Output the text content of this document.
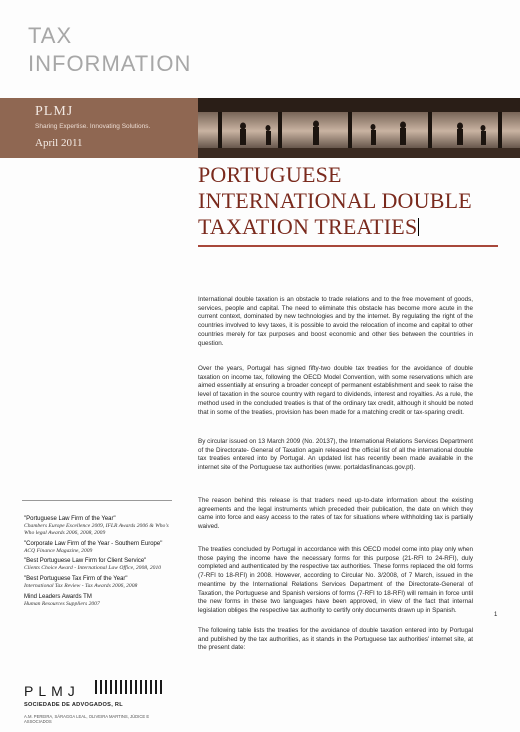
TAX
INFORMATION
PLMJ
Sharing Expertise. Innovating Solutions.
April 2011
PORTUGUESE
INTERNATIONAL DOUBLE
TAXATION TREATIES

International double taxation is an obstacle to trade relations and to the free movement of goods, services, people and capital. The need to eliminate this obstacle has become more acute in the current context, dominated by new technologies and by the internet. By regulating the right of the countries involved to levy taxes, it is possible to avoid the relocation of income and capital to other countries merely for tax purposes and boost economic and other ties between the countries in question.

Over the years, Portugal has signed fifty-two double tax treaties for the avoidance of double taxation on income tax, following the OECD Model Convention, with some reservations which are aimed essentially at ensuring a broader concept of permanent establishment and seek to raise the level of taxation in the source country with regard to dividends, interest and royalties. As a rule, the method used in the concluded treaties is that of the ordinary tax credit, although it should be noted that in some of the treaties, provision has been made for a matching credit or tax-sparing credit.

By circular issued on 13 March 2009 (No. 20137), the International Relations Services Department of the Directorate- General of Taxation again released the official list of all the international double tax treaties entered into by Portugal. An updated list has recently been made available in the internet site of the Portuguese tax authorities (www. portaldasfinancas.gov.pt).

The reason behind this release is that traders need up-to-date information about the existing agreements and the legal instruments which preceded their publication, the date on which they came into force and easy access to the rates of tax for situations where withholding tax is partially waived.

The treaties concluded by Portugal in accordance with this OECD model come into play only when those paying the income have the necessary forms for this purpose (21-RFI to 24-RFI), duly completed and authenticated by the respective tax authorities. These forms replaced the old forms (7-RFI to 18-RFI) in 2008. However, according to Circular No. 3/2008, of 7 March, issued in the meantime by the International Relations Services Department of the Directorate-General of Taxation, the Portuguese and Spanish versions of forms (7-RFI to 18-RFI) will remain in force until the new forms in these two languages have been approved, in view of the fact that internal legislation obliges the respective tax authority to certify only documents drawn up in Spanish.

The following table lists the treaties for the avoidance of double taxation entered into by Portugal and published by the tax authorities, as it stands in the Portuguese tax authorities' internet site, at the present date:

"Portuguese Law Firm of the Year"
Chambers Europe Excellence 2009, IFLR Awards 2006 & Who's Who legal Awards 2006, 2008, 2009
"Corporate Law Firm of the Year - Southern Europe"
ACQ Finance Magazine, 2009
"Best Portuguese Law Firm for Client Service"
Clients Choice Award - International Law Office, 2008, 2010
"Best Portuguese Tax Firm of the Year"
International Tax Review - Tax Awards 2006, 2008
Mind Leaders Awards TM
Human Resources Suppliers 2007
PLMJ
SOCIEDADE DE ADVOGADOS, RL
A.M. PEREIRA, SÁRAGGA LEAL, OLIVEIRA MARTINS, JÚDICE E ASSOCIADOS
1
